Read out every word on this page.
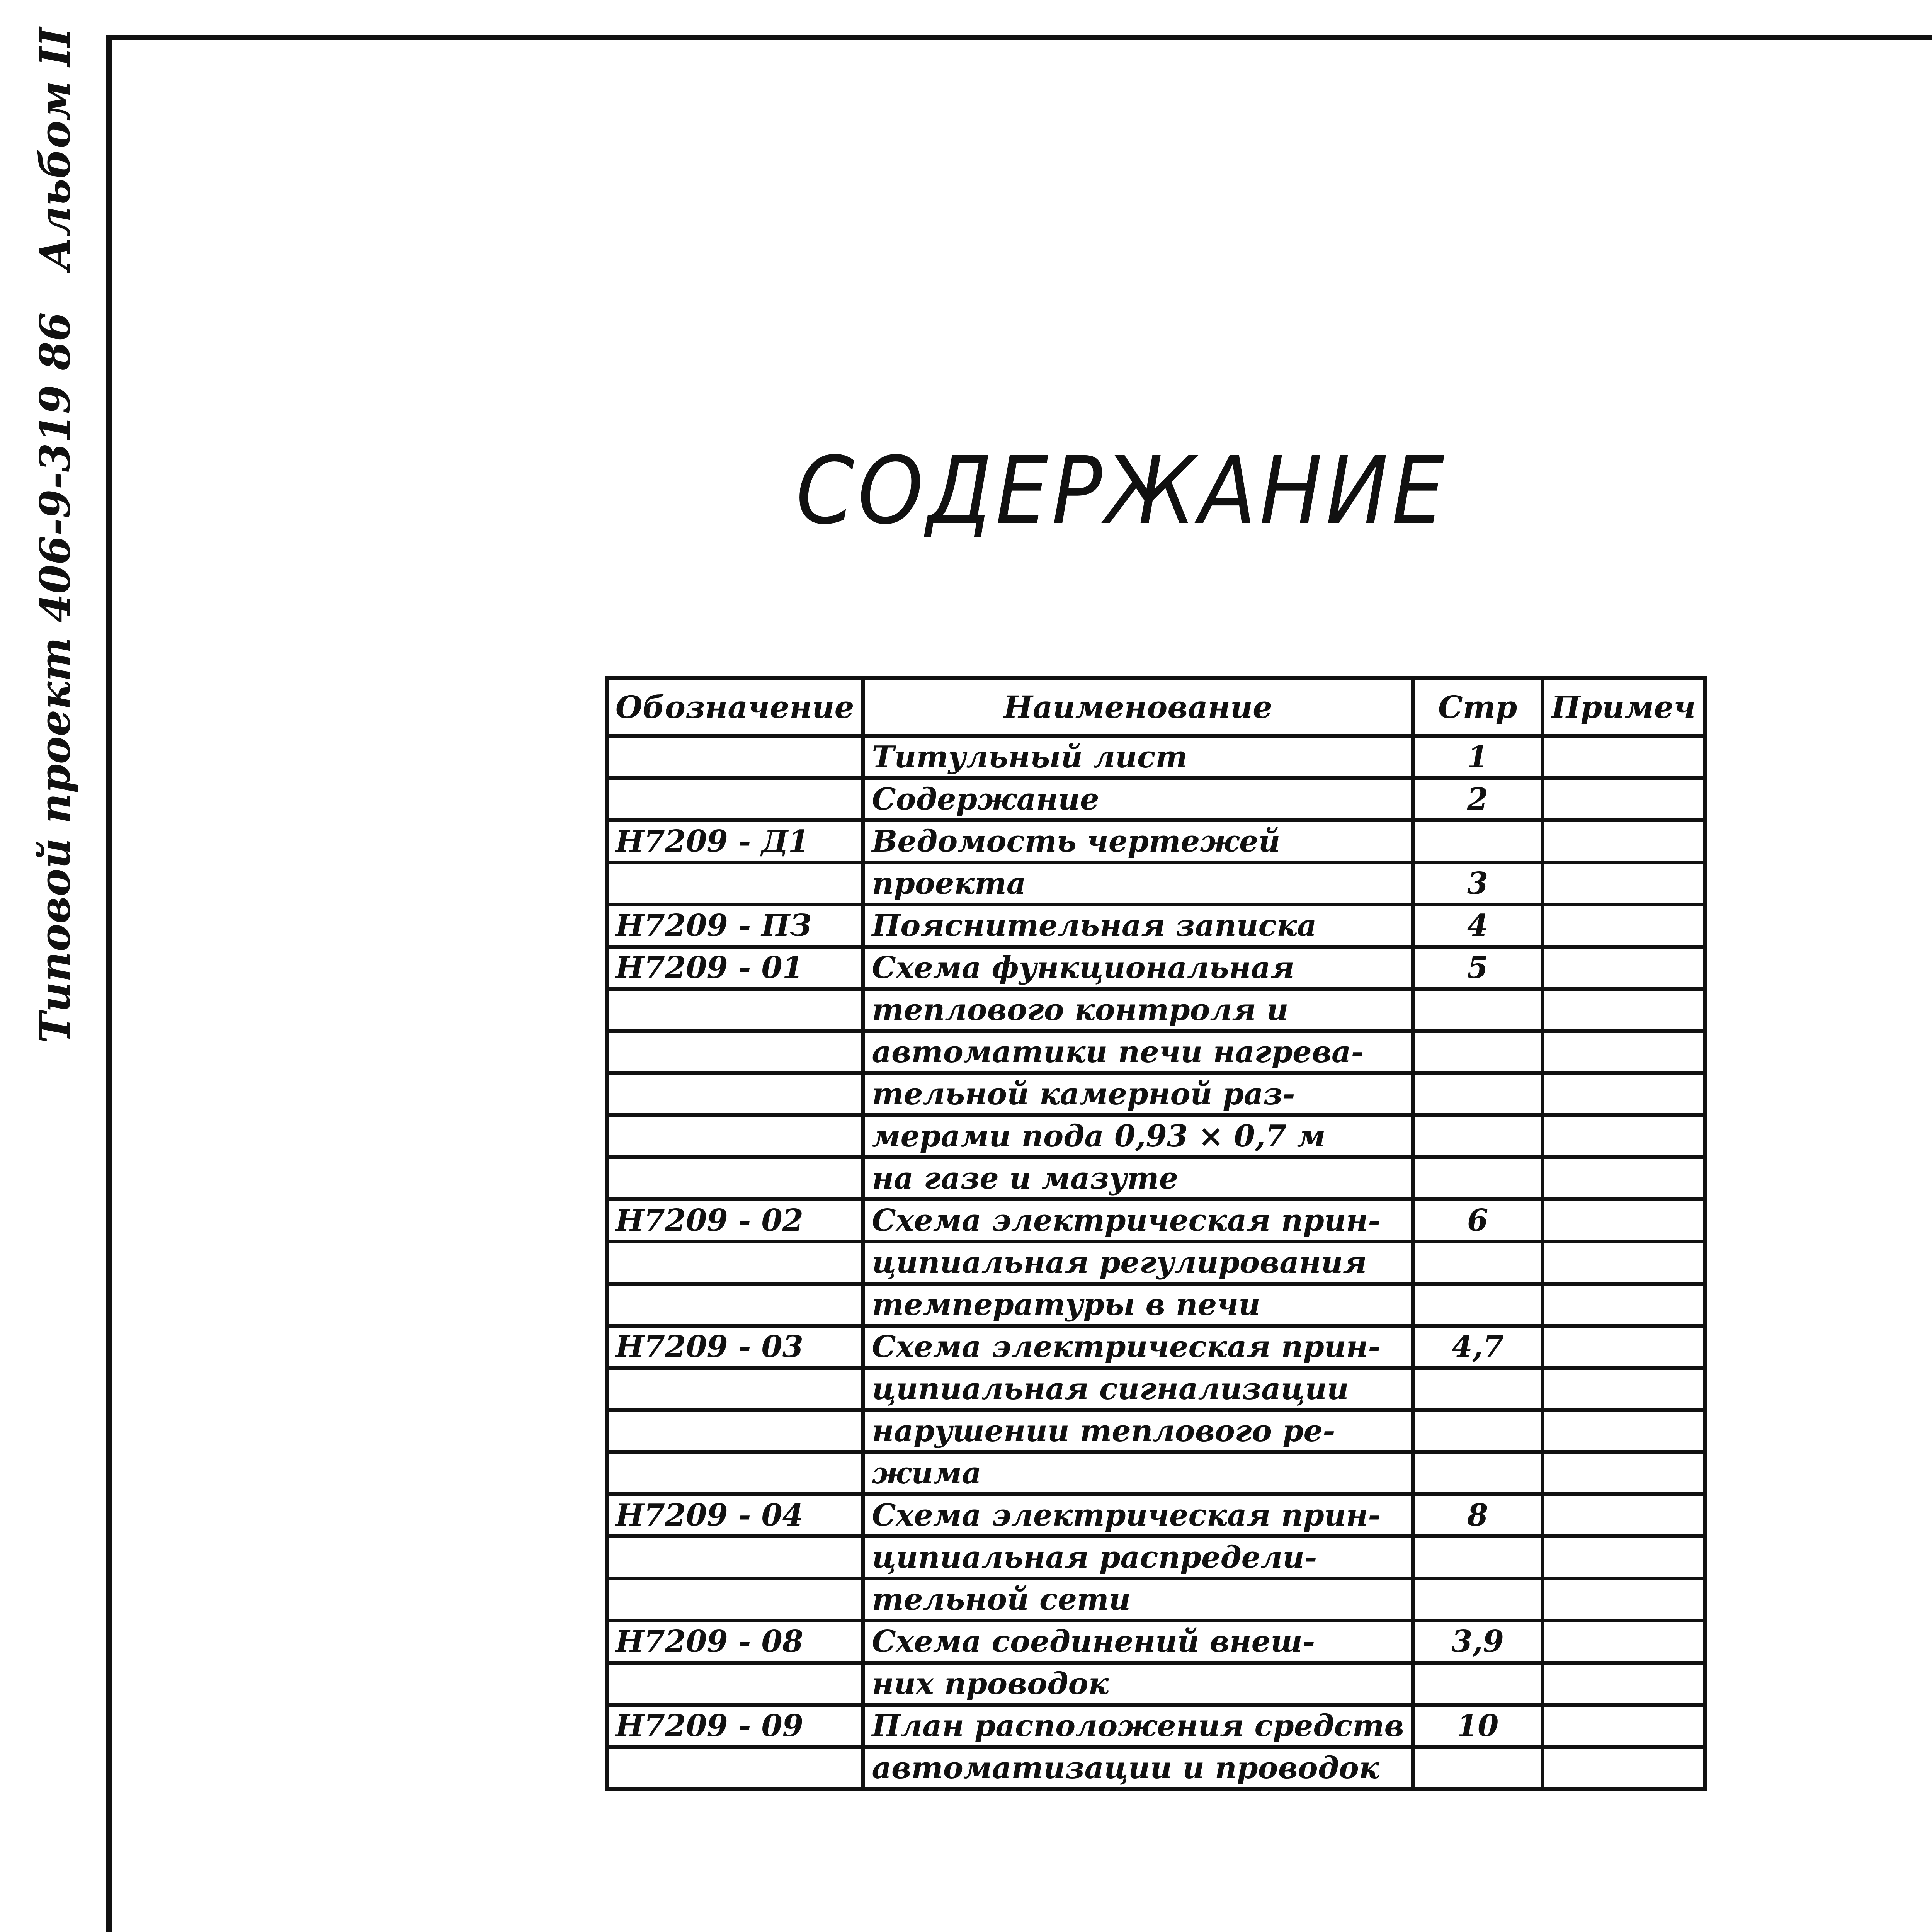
Типовой проект 406-9-319 86 Альбом II
СОДЕРЖАНИЕ
Обозначение	Наименование	Стр	Примеч
	Титульный лист	1	
	Содержание	2	
Н7209 - Д1	Ведомость чертежей		
	проекта	3	
Н7209 - ПЗ	Пояснительная записка	4	
Н7209 - 01	Схема функциональная	5	
	теплового контроля и		
	автоматики печи нагрева-		
	тельной камерной раз-		
	мерами пода 0,93 × 0,7 м		
	на газе и мазуте		
Н7209 - 02	Схема электрическая прин-	6	
	ципиальная регулирования		
	температуры в печи		
Н7209 - 03	Схема электрическая прин-	4,7	
	ципиальная сигнализации		
	нарушении теплового ре-		
	жима		
Н7209 - 04	Схема электрическая прин-	8	
	ципиальная распредели-		
	тельной сети		
Н7209 - 08	Схема соединений внеш-	3,9	
	них проводок		
Н7209 - 09	План расположения средств	10	
	автоматизации и проводок		
